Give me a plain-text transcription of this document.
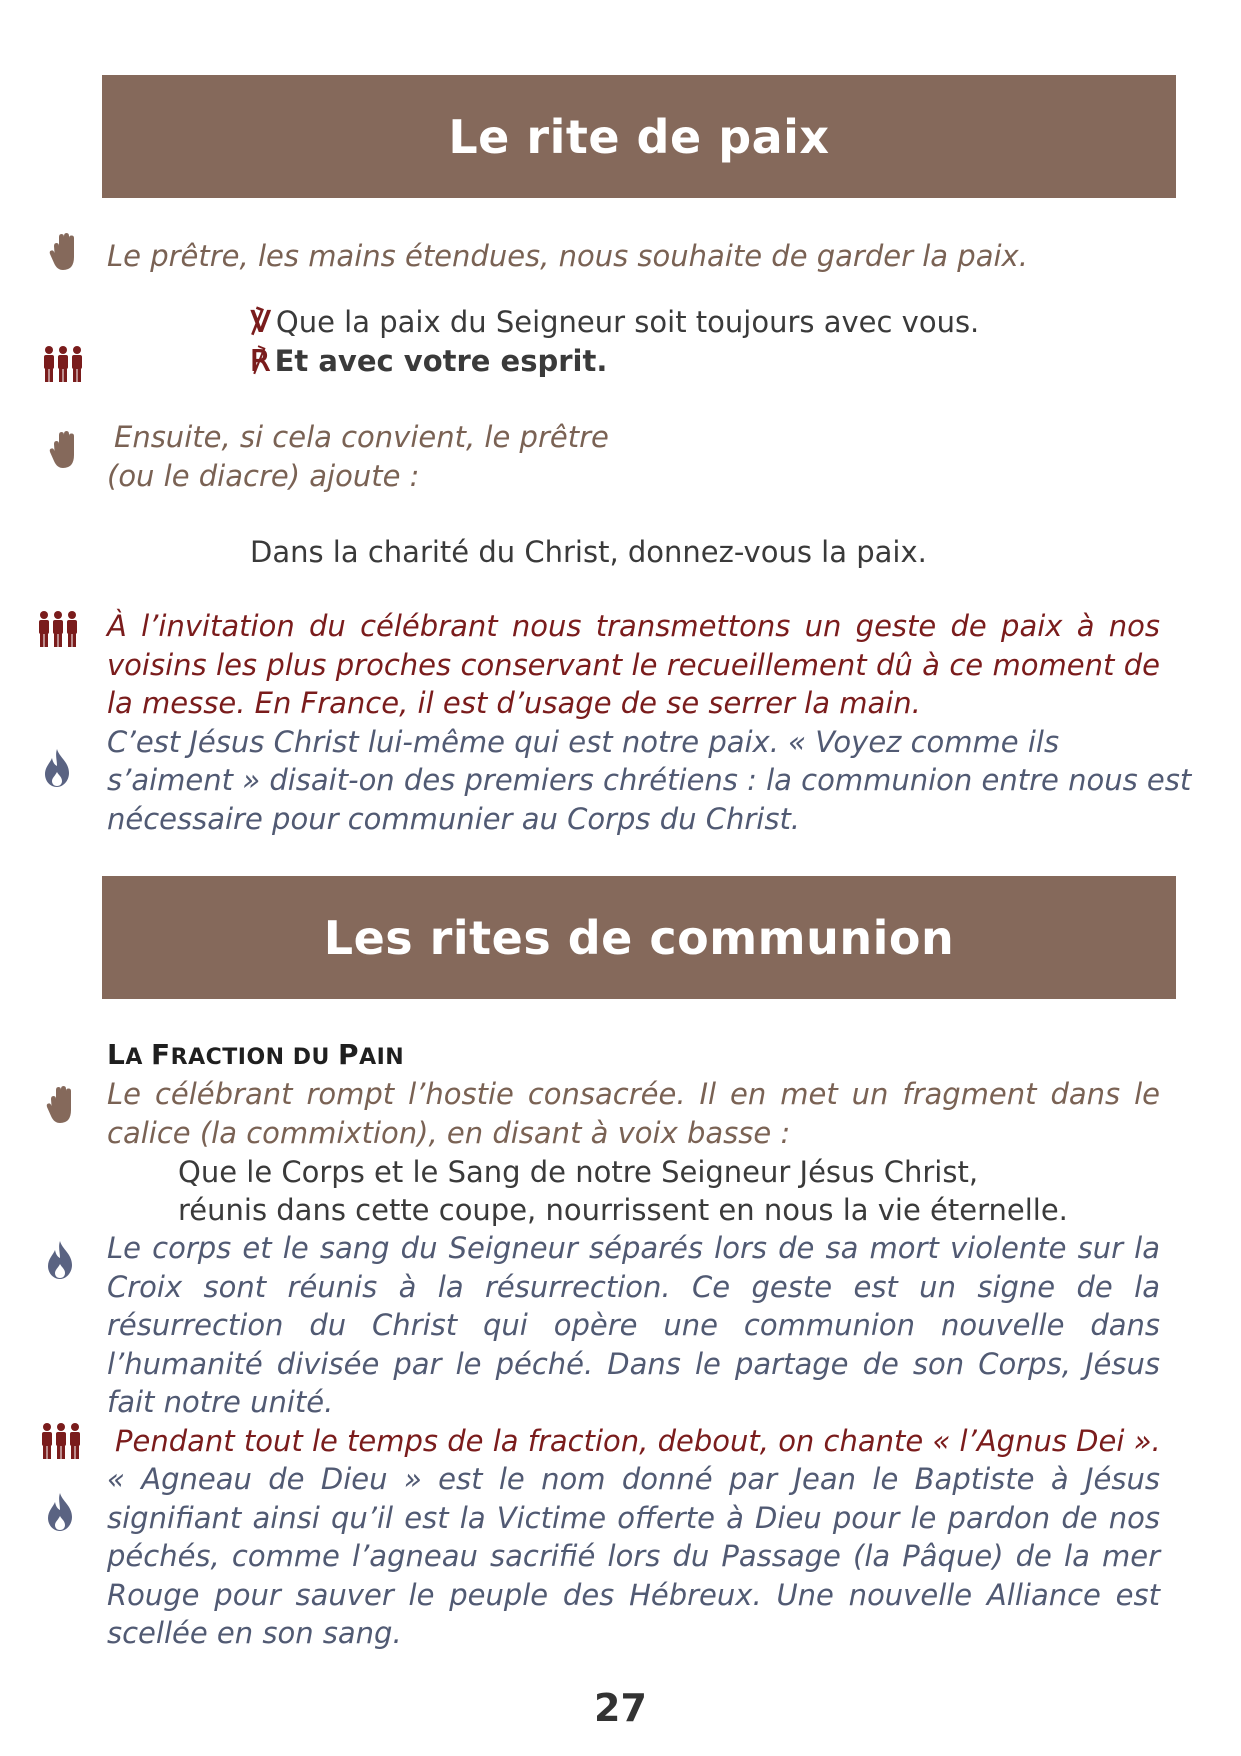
Le rite de paix

Le prêtre, les mains étendues, nous souhaite de garder la paix.

℣ Que la paix du Seigneur soit toujours avec vous.

℟ Et avec votre esprit.

Ensuite, si cela convient, le prêtre

(ou le diacre) ajoute :

Dans la charité du Christ, donnez-vous la paix.

À l’invitation du célébrant nous transmettons un geste de paix à nos voisins les plus proches conservant le recueillement dû à ce moment de la messe. En France, il est d’usage de se serrer la main.

C’est Jésus Christ lui-même qui est notre paix. « Voyez comme ils

s’aiment » disait-on des premiers chrétiens : la communion entre nous est

nécessaire pour communier au Corps du Christ.

Les rites de communion

LA FRACTION DU PAIN

Le célébrant rompt l’hostie consacrée. Il en met un fragment dans le calice (la commixtion), en disant à voix basse :

Que le Corps et le Sang de notre Seigneur Jésus Christ,

réunis dans cette coupe, nourrissent en nous la vie éternelle.

Le corps et le sang du Seigneur séparés lors de sa mort violente sur la Croix sont réunis à la résurrection. Ce geste est un signe de la résurrection du Christ qui opère une communion nouvelle dans l’humanité divisée par le péché. Dans le partage de son Corps, Jésus fait notre unité.

Pendant tout le temps de la fraction, debout, on chante « l’Agnus Dei ».

« Agneau de Dieu » est le nom donné par Jean le Baptiste à Jésus signifiant ainsi qu’il est la Victime offerte à Dieu pour le pardon de nos péchés, comme l’agneau sacrifié lors du Passage (la Pâque) de la mer Rouge pour sauver le peuple des Hébreux. Une nouvelle Alliance est scellée en son sang.

27
